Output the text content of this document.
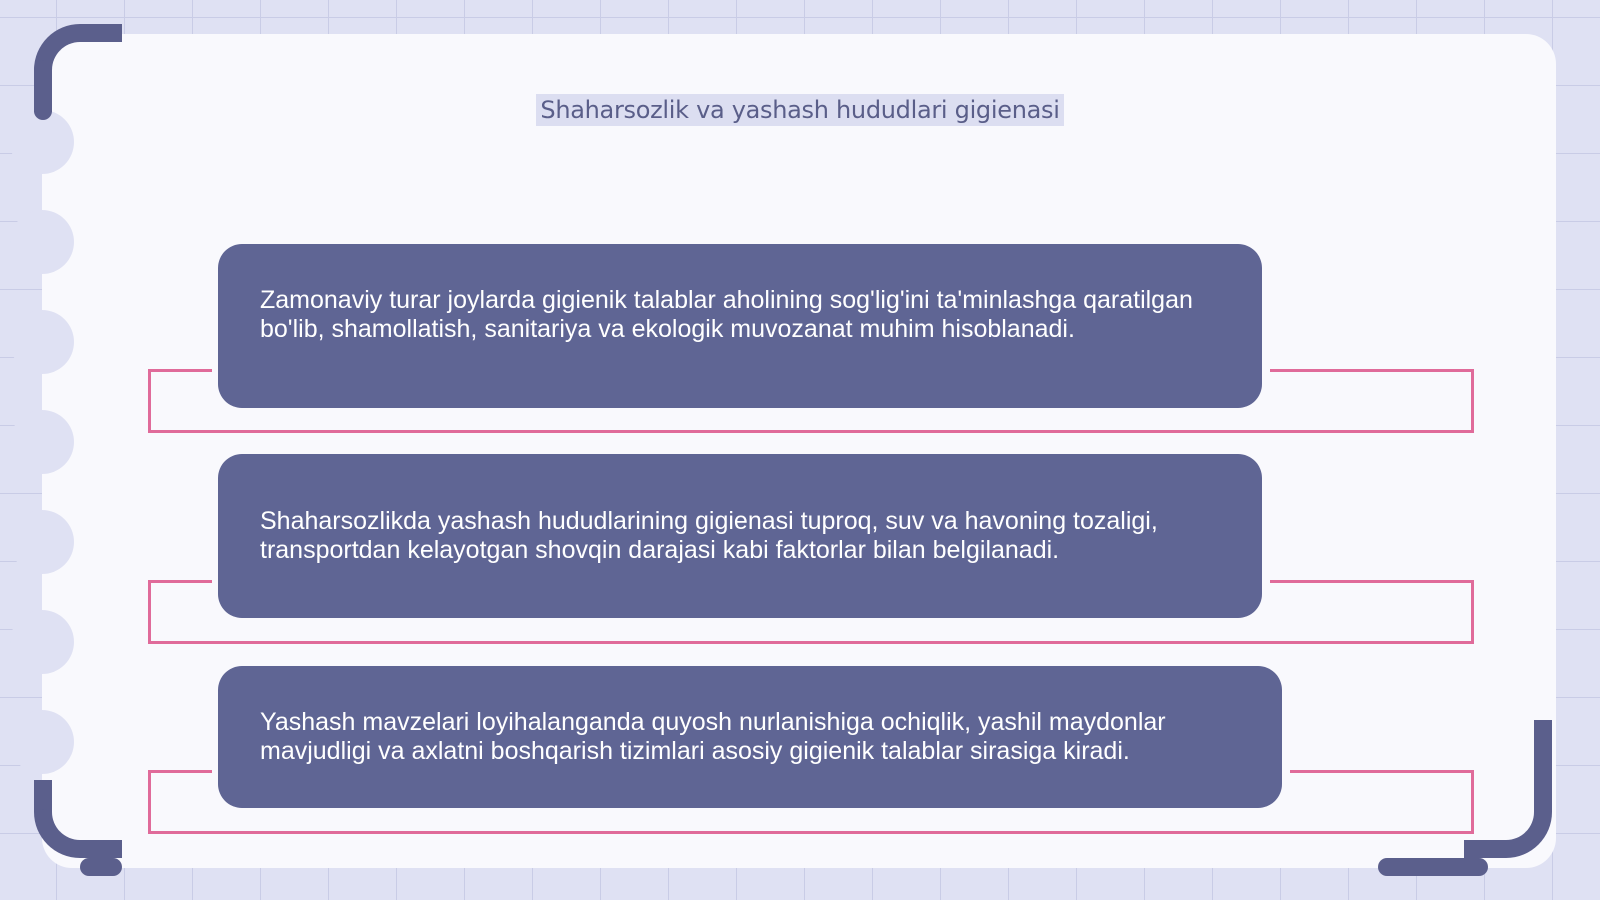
Shaharsozlik va yashash hududlari gigienasi

Zamonaviy turar joylarda gigienik talablar aholining sog'lig'ini ta'minlashga qaratilgan bo'lib, shamollatish, sanitariya va ekologik muvozanat muhim hisoblanadi.

Shaharsozlikda yashash hududlarining gigienasi tuproq, suv va havoning tozaligi, transportdan kelayotgan shovqin darajasi kabi faktorlar bilan belgilanadi.

Yashash mavzelari loyihalanganda quyosh nurlanishiga ochiqlik, yashil maydonlar mavjudligi va axlatni boshqarish tizimlari asosiy gigienik talablar sirasiga kiradi.
